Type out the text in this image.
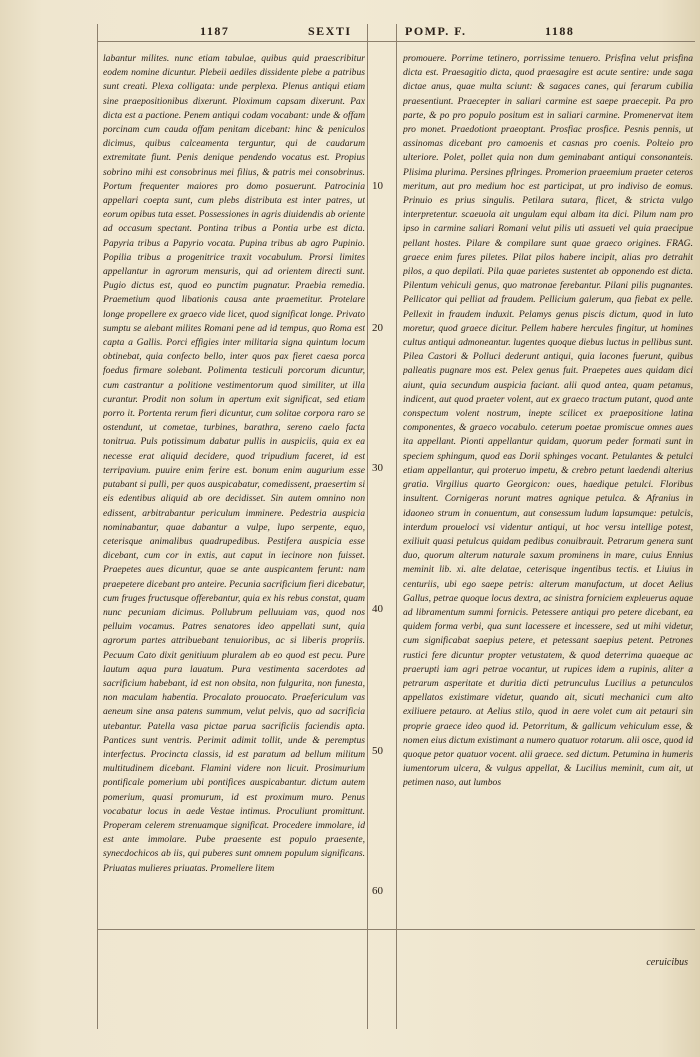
1187	SEXTI	POMP. F.	1188
10
20
30
40
50
60

labantur milites. nunc etiam tabulae, quibus quid praescribitur eodem nomine dicuntur. Plebeii aediles dissidente plebe a patribus sunt creati. Plexa colligata: unde perplexa. Plenus antiqui etiam sine praepositionibus dixerunt. Ploximum capsam dixerunt. Pax dicta est a pactione. Penem antiqui codam vocabant: unde & offam porcinam cum cauda offam penitam dicebant: hinc & peniculos dicimus, quibus calceamenta terguntur, qui de caudarum extremitate fiunt. Penis denique pendendo vocatus est. Propius sobrino mihi est consobrinus mei filius, & patris mei consobrinus. Portum frequenter maiores pro domo posuerunt. Patrocinia appellari coepta sunt, cum plebs distributa est inter patres, ut eorum opibus tuta esset. Possessiones in agris diuidendis ab oriente ad occasum spectant. Pontina tribus a Pontia urbe est dicta. Papyria tribus a Papyrio vocata. Pupina tribus ab agro Pupinio. Popilia tribus a progenitrice traxit vocabulum. Prorsi limites appellantur in agrorum mensuris, qui ad orientem directi sunt. Pugio dictus est, quod eo punctim pugnatur. Praebia remedia. Praemetium quod libationis causa ante praemetitur. Protelare longe propellere ex graeco vide licet, quod significat longe. Privato sumptu se alebant milites Romani pene ad id tempus, quo Roma est capta a Gallis. Porci effigies inter militaria signa quintum locum obtinebat, quia confecto bello, inter quos pax fieret caesa porca foedus firmare solebant. Polimenta testiculi porcorum dicuntur, cum castrantur a politione vestimentorum quod similiter, ut illa curantur. Prodit non solum in apertum exit significat, sed etiam porro it. Portenta rerum fieri dicuntur, cum solitae corpora raro se ostendunt, ut cometae, turbines, barathra, sereno caelo facta tonitrua. Puls potissimum dabatur pullis in auspiciis, quia ex ea necesse erat aliquid decidere, quod tripudium faceret, id est terripavium. puuire enim ferire est. bonum enim augurium esse putabant si pulli, per quos auspicabatur, comedissent, praesertim si eis edentibus aliquid ab ore decidisset. Sin autem omnino non edissent, arbitrabantur periculum imminere. Pedestria auspicia nominabantur, quae dabantur a vulpe, lupo serpente, equo, ceterisque animalibus quadrupedibus. Pestifera auspicia esse dicebant, cum cor in extis, aut caput in iecinore non fuisset. Praepetes aues dicuntur, quae se ante auspicantem ferunt: nam praepetere dicebant pro anteire. Pecunia sacrificium fieri dicebatur, cum fruges fructusque offerebantur, quia ex his rebus constat, quam nunc pecuniam dicimus. Pollubrum pelluuiam vas, quod nos pelluim vocamus. Patres senatores ideo appellati sunt, quia agrorum partes attribuebant tenuioribus, ac si liberis propriis. Pecuum Cato dixit genitiuum pluralem ab eo quod est pecu. Pure lautum aqua pura lauatum. Pura vestimenta sacerdotes ad sacrificium habebant, id est non obsita, non fulgurita, non funesta, non maculam habentia. Procalato prouocato. Praefericulum vas aeneum sine ansa patens summum, velut pelvis, quo ad sacrificia utebantur. Patella vasa pictae parua sacrificiis faciendis apta. Pantices sunt ventris. Perimit adimit tollit, unde & peremptus interfectus. Procincta classis, id est paratum ad bellum militum multitudinem dicebant. Flamini videre non licuit. Prosimurium pontificale pomerium ubi pontifices auspicabantur. dictum autem pomerium, quasi promurum, id est proximum muro. Penus vocabatur locus in aede Vestae intimus. Proculiunt promittunt. Properam celerem strenuamque significat. Procedere immolare, id est ante immolare. Pube praesente est populo praesente, synecdochicos ab iis, qui puberes sunt omnem populum significans. Priuatas mulieres priuatas. Promellere litem

promouere. Porrime tetinero, porrissime tenuero. Prisfina velut prisfina dicta est. Praesagitio dicta, quod praesagire est acute sentire: unde saga dictae anus, quae multa sciunt: & sagaces canes, qui ferarum cubilia praesentiunt. Praecepter in saliari carmine est saepe praecepit. Pa pro parte, & po pro populo positum est in saliari carmine. Promenervat item pro monet. Praedotiont praeoptant. Prosfiac prosfice. Pesnis pennis, ut assinomas dicebant pro camoenis et casnas pro coenis. Polteio pro ulteriore. Polet, pollet quia non dum geminabant antiqui consonanteis. Plisima plurima. Persines pflringes. Promerion praeemium praeter ceteros meritum, aut pro medium hoc est participat, ut pro indiviso de eomus. Prinuio es prius singulis. Petilara sutara, flicet, & stricta vulgo interpretentur. scaeuola ait ungulam equi albam ita dici. Pilum nam pro ipso in carmine saliari Romani velut pilis uti assueti vel quia praecipue pellant hostes. Pilare & compilare sunt quae graeco origines. FRAG. graece enim fures piletes. Pilat pilos habere incipit, alias pro detrahit pilos, a quo depilati. Pila quae parietes sustentet ab opponendo est dicta. Pilentum vehiculi genus, quo matronae ferebantur. Pilani pilis pugnantes. Pellicator qui pelliat ad fraudem. Pellicium galerum, qua fiebat ex pelle. Pellexit in fraudem induxit. Pelamys genus piscis dictum, quod in luto moretur, quod graece dicitur. Pellem habere hercules fingitur, ut homines cultus antiqui admoneantur. lugentes quoque diebus luctus in pellibus sunt. Pilea Castori & Polluci dederunt antiqui, quia lacones fuerunt, quibus palleatis pugnare mos est. Pelex genus fuit. Praepetes aues quidam dici aiunt, quia secundum auspicia faciant. alii quod antea, quam petamus, indicent, aut quod praeter volent, aut ex graeco tractum putant, quod ante conspectum volent nostrum, inepte scilicet ex praepositione latina componentes, & graeco vocabulo. ceterum poetae promiscue omnes aues ita appellant. Pionti appellantur quidam, quorum peder formati sunt in speciem sphingum, quod eas Dorii sphinges vocant. Petulantes & petulci etiam appellantur, qui proteruo impetu, & crebro petunt laedendi alterius gratia. Virgilius quarto Georgicon: oues, haedique petulci. Floribus insultent. Cornigeras norunt matres agnique petulca. & Afranius in idaoneo strum in conuentum, aut consessum ludum lapsumque: petulcis, interdum proueloci vsi videntur antiqui, ut hoc versu intellige potest, exiliuit quasi petulcus quidam pedibus conuibrauit. Petrarum genera sunt duo, quorum alterum naturale saxum prominens in mare, cuius Ennius meminit lib. xi. alte delatae, ceterisque ingentibus tectis. et Liuius in centuriis, ubi ego saepe petris: alterum manufactum, ut docet Aelius Gallus, petrae quoque locus dextra, ac sinistra forniciem expleuerus aquae ad libramentum summi fornicis. Petessere antiqui pro petere dicebant, ea quidem forma verbi, qua sunt lacessere et incessere, sed ut mihi videtur, cum significabat saepius petere, et petessant saepius petent. Petrones rustici fere dicuntur propter vetustatem, & quod deterrima quaeque ac praerupti iam agri petrae vocantur, ut rupices idem a rupinis, aliter a petrarum asperitate et duritia dicti petrunculus Lucilius a petunculos appellatos existimare videtur, quando ait, sicuti mechanici cum alto exiliuere petauro. at Aelius stilo, quod in aere volet cum ait petauri sin proprie graece ideo quod id. Petorritum, & gallicum vehiculum esse, & nomen eius dictum existimant a numero quatuor rotarum. alii osce, quod id quoque petor quatuor vocent. alii graece. sed dictum. Petumina in humeris iumentorum ulcera, & vulgus appellat, & Lucilius meminit, cum ait, ut petimen naso, aut lumbos

ceruicibus
